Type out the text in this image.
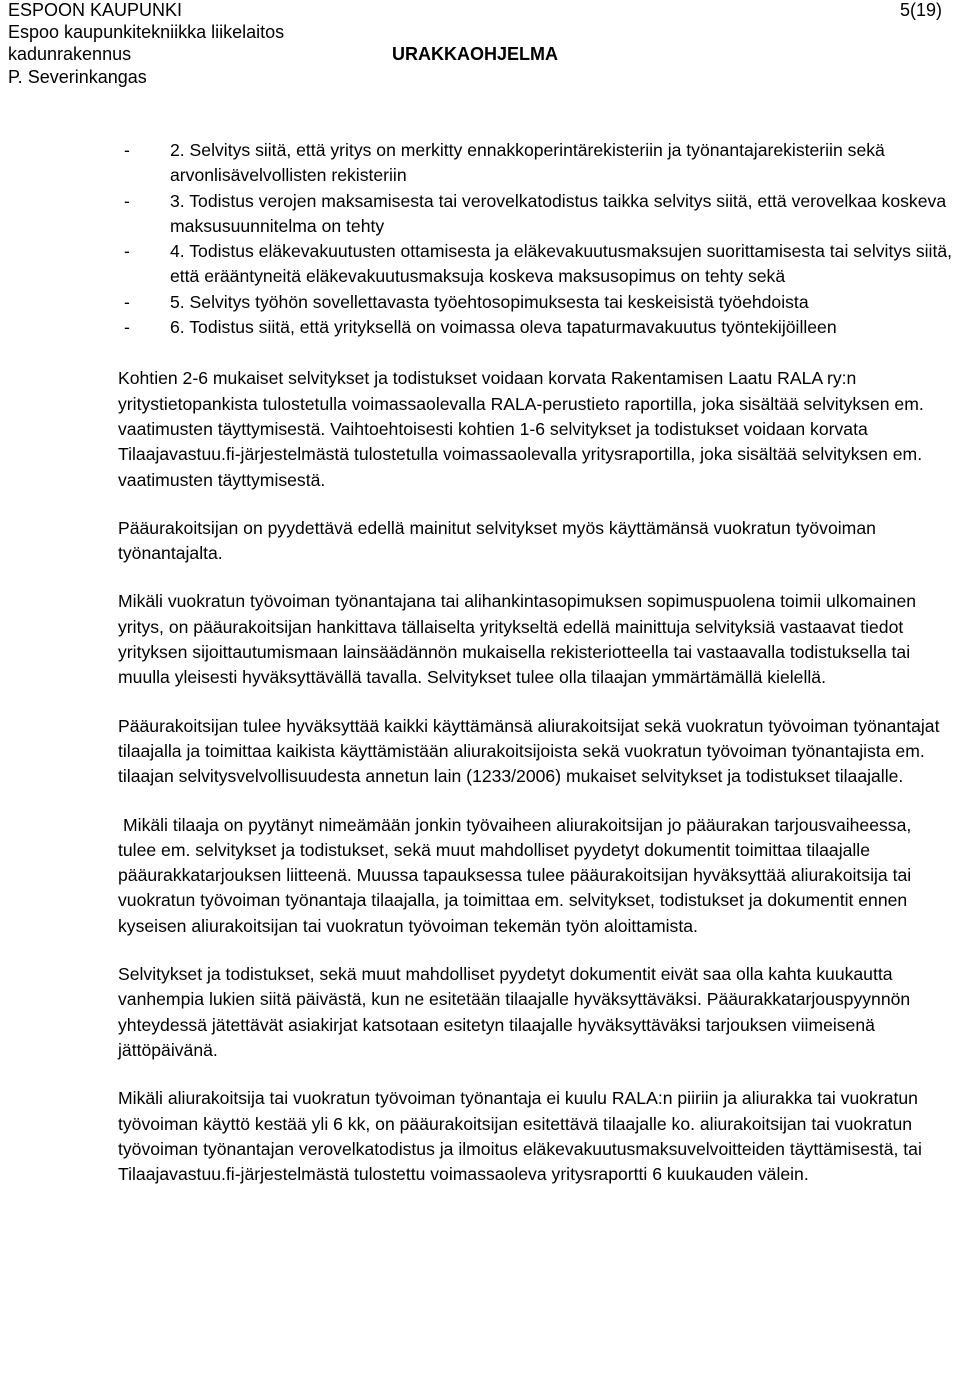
ESPOON KAUPUNKI
Espoo kaupunkitekniikka liikelaitos
kadunrakennus
P. Severinkangas
URAKKAOHJELMA
5(19)
- 2. Selvitys siitä, että yritys on merkitty ennakkoperintärekisteriin ja työnantajarekisteriin sekä arvonlisävelvollisten rekisteriin
- 3. Todistus verojen maksamisesta tai verovelkatodistus taikka selvitys siitä, että verovelkaa koskeva maksusuunnitelma on tehty
- 4. Todistus eläkevakuutusten ottamisesta ja eläkevakuutusmaksujen suorittamisesta tai selvitys siitä, että erääntyneitä eläkevakuutusmaksuja koskeva maksusopimus on tehty sekä
- 5. Selvitys työhön sovellettavasta työehtosopimuksesta tai keskeisistä työehdoista
- 6. Todistus siitä, että yrityksellä on voimassa oleva tapaturmavakuutus työntekijöilleen

Kohtien 2-6 mukaiset selvitykset ja todistukset voidaan korvata Rakentamisen Laatu RALA ry:n yritystietopankista tulostetulla voimassaolevalla RALA-perustieto raportilla, joka sisältää selvityksen em. vaatimusten täyttymisestä. Vaihtoehtoisesti kohtien 1-6 selvitykset ja todistukset voidaan korvata Tilaajavastuu.fi-järjestelmästä tulostetulla voimassaolevalla yritysraportilla, joka sisältää selvityksen em. vaatimusten täyttymisestä.

Pääurakoitsijan on pyydettävä edellä mainitut selvitykset myös käyttämänsä vuokratun työvoiman työnantajalta.

Mikäli vuokratun työvoiman työnantajana tai alihankintasopimuksen sopimuspuolena toimii ulkomainen yritys, on pääurakoitsijan hankittava tällaiselta yritykseltä edellä mainittuja selvityksiä vastaavat tiedot yrityksen sijoittautumismaan lainsäädännön mukaisella rekisteriotteella tai vastaavalla todistuksella tai muulla yleisesti hyväksyttävällä tavalla. Selvitykset tulee olla tilaajan ymmärtämällä kielellä.

Pääurakoitsijan tulee hyväksyttää kaikki käyttämänsä aliurakoitsijat sekä vuokratun työvoiman työnantajat tilaajalla ja toimittaa kaikista käyttämistään aliurakoitsijoista sekä vuokratun työvoiman työnantajista em. tilaajan selvitysvelvollisuudesta annetun lain (1233/2006) mukaiset selvitykset ja todistukset tilaajalle.

Mikäli tilaaja on pyytänyt nimeämään jonkin työvaiheen aliurakoitsijan jo pääurakan tarjousvaiheessa, tulee em. selvitykset ja todistukset, sekä muut mahdolliset pyydetyt dokumentit toimittaa tilaajalle pääurakkatarjouksen liitteenä. Muussa tapauksessa tulee pääurakoitsijan hyväksyttää aliurakoitsija tai vuokratun työvoiman työnantaja tilaajalla, ja toimittaa em. selvitykset, todistukset ja dokumentit ennen kyseisen aliurakoitsijan tai vuokratun työvoiman tekemän työn aloittamista.

Selvitykset ja todistukset, sekä muut mahdolliset pyydetyt dokumentit eivät saa olla kahta kuukautta vanhempia lukien siitä päivästä, kun ne esitetään tilaajalle hyväksyttäväksi. Pääurakkatarjouspyynnön yhteydessä jätettävät asiakirjat katsotaan esitetyn tilaajalle hyväksyttäväksi tarjouksen viimeisenä jättöpäivänä.

Mikäli aliurakoitsija tai vuokratun työvoiman työnantaja ei kuulu RALA:n piiriin ja aliurakka tai vuokratun työvoiman käyttö kestää yli 6 kk, on pääurakoitsijan esitettävä tilaajalle ko. aliurakoitsijan tai vuokratun työvoiman työnantajan verovelkatodistus ja ilmoitus eläkevakuutusmaksuvelvoitteiden täyttämisestä, tai Tilaajavastuu.fi-järjestelmästä tulostettu voimassaoleva yritysraportti 6 kuukauden välein.
